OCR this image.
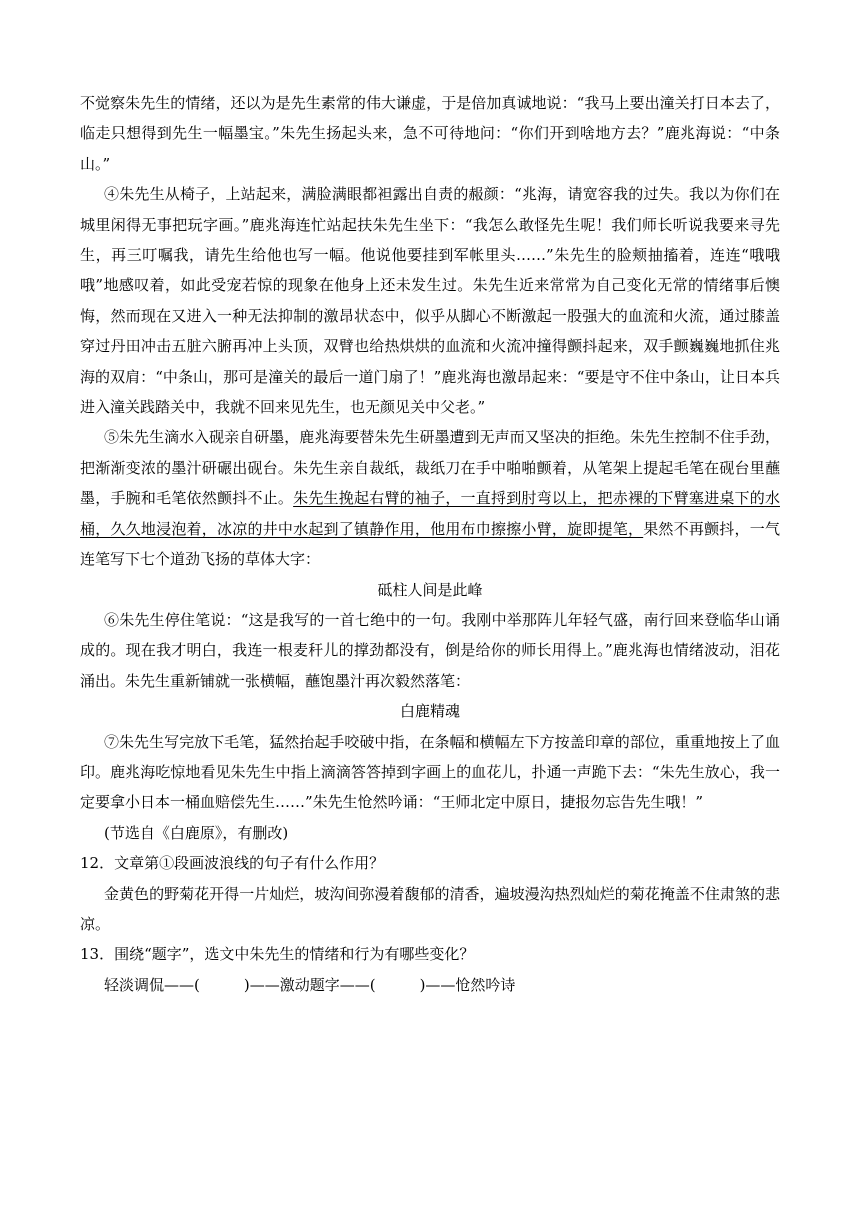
不觉察朱先生的情绪，还以为是先生素常的伟大谦虚，于是倍加真诚地说：“我马上要出潼关打日本去了，临走只想得到先生一幅墨宝。”朱先生扬起头来，急不可待地问：“你们开到啥地方去？”鹿兆海说：“中条山。”

④朱先生从椅子，上站起来，满脸满眼都袒露出自责的赧颜：“兆海，请宽容我的过失。我以为你们在城里闲得无事把玩字画。”鹿兆海连忙站起扶朱先生坐下：“我怎么敢怪先生呢！我们师长听说我要来寻先生，再三叮嘱我，请先生给他也写一幅。他说他要挂到军帐里头……”朱先生的脸颊抽搐着，连连“哦哦哦”地感叹着，如此受宠若惊的现象在他身上还未发生过。朱先生近来常常为自己变化无常的情绪事后懊悔，然而现在又进入一种无法抑制的激昂状态中，似乎从脚心不断激起一股强大的血流和火流，通过膝盖穿过丹田冲击五脏六腑再冲上头顶，双臂也给热烘烘的血流和火流冲撞得颤抖起来，双手颤巍巍地抓住兆海的双肩：“中条山，那可是潼关的最后一道门扇了！”鹿兆海也激昂起来：“要是守不住中条山，让日本兵进入潼关践踏关中，我就不回来见先生，也无颜见关中父老。”

⑤朱先生滴水入砚亲自研墨，鹿兆海要替朱先生研墨遭到无声而又坚决的拒绝。朱先生控制不住手劲，把渐渐变浓的墨汁研碾出砚台。朱先生亲自裁纸，裁纸刀在手中啪啪颤着，从笔架上提起毛笔在砚台里蘸墨，手腕和毛笔依然颤抖不止。朱先生挽起右臂的袖子，一直捋到肘弯以上，把赤裸的下臂塞进桌下的水桶，久久地浸泡着，冰凉的井中水起到了镇静作用，他用布巾擦擦小臂，旋即提笔，果然不再颤抖，一气连笔写下七个道劲飞扬的草体大字：

砥柱人间是此峰

⑥朱先生停住笔说：“这是我写的一首七绝中的一句。我刚中举那阵儿年轻气盛，南行回来登临华山诵成的。现在我才明白，我连一根麦秆儿的撑劲都没有，倒是给你的师长用得上。”鹿兆海也情绪波动，泪花涌出。朱先生重新铺就一张横幅，蘸饱墨汁再次毅然落笔：

白鹿精魂

⑦朱先生写完放下毛笔，猛然抬起手咬破中指，在条幅和横幅左下方按盖印章的部位，重重地按上了血印。鹿兆海吃惊地看见朱先生中指上滴滴答答掉到字画上的血花儿，扑通一声跪下去：“朱先生放心，我一定要拿小日本一桶血赔偿先生……”朱先生怆然吟诵：“王师北定中原日，捷报勿忘告先生哦！”

(节选自《白鹿原》，有删改)

12．文章第①段画波浪线的句子有什么作用？

金黄色的野菊花开得一片灿烂，坡沟间弥漫着馥郁的清香，遍坡漫沟热烈灿烂的菊花掩盖不住肃煞的悲凉。

13．围绕“题字”，选文中朱先生的情绪和行为有哪些变化？

轻淡调侃——(	)——激动题字——(	)——怆然吟诗
